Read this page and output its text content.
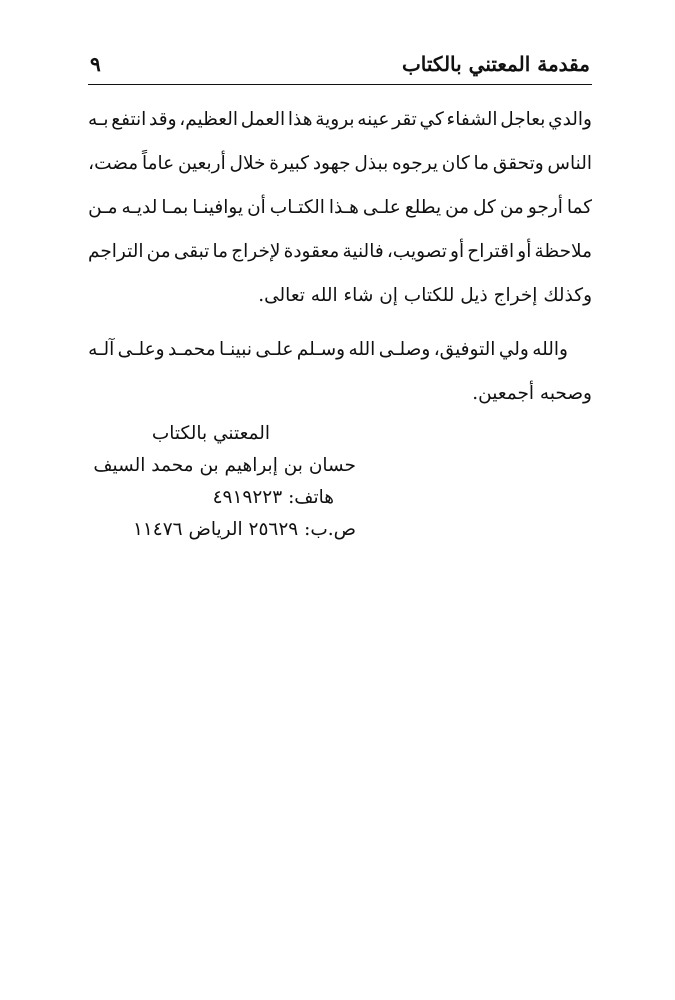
مقدمة المعتني بالكتاب
٩
والدي
بعاجل
الشفاء
كي
تقر
عينه
بروية
هذا
العمل
العظيم،
وقد
انتفع
بـه
الناس
وتحقق
ما
كان
يرجوه
ببذل
جهود
كبيرة
خلال
أربعين
عاماً
مضت،
كما
أرجو
من
كل
من
يطلع
علـى
هـذا
الكتـاب
أن
يوافينـا
بمـا
لديـه
مـن
ملاحظة
أو
اقتراح
أو
تصويب،
فالنية
معقودة
لإخراج
ما
تبقى
من
التراجم
وكذلك إخراج ذيل للكتاب إن شاء الله تعالى.
والله
ولي
التوفيق،
وصلـى
الله
وسـلم
علـى
نبينـا
محمـد
وعلـى
آلـه
وصحبه أجمعين.
المعتني بالكتاب
حسان بن إبراهيم بن محمد السيف
هاتف: ٤٩١٩٢٢٣
ص.ب: ٢٥٦٢٩ الرياض ١١٤٧٦
